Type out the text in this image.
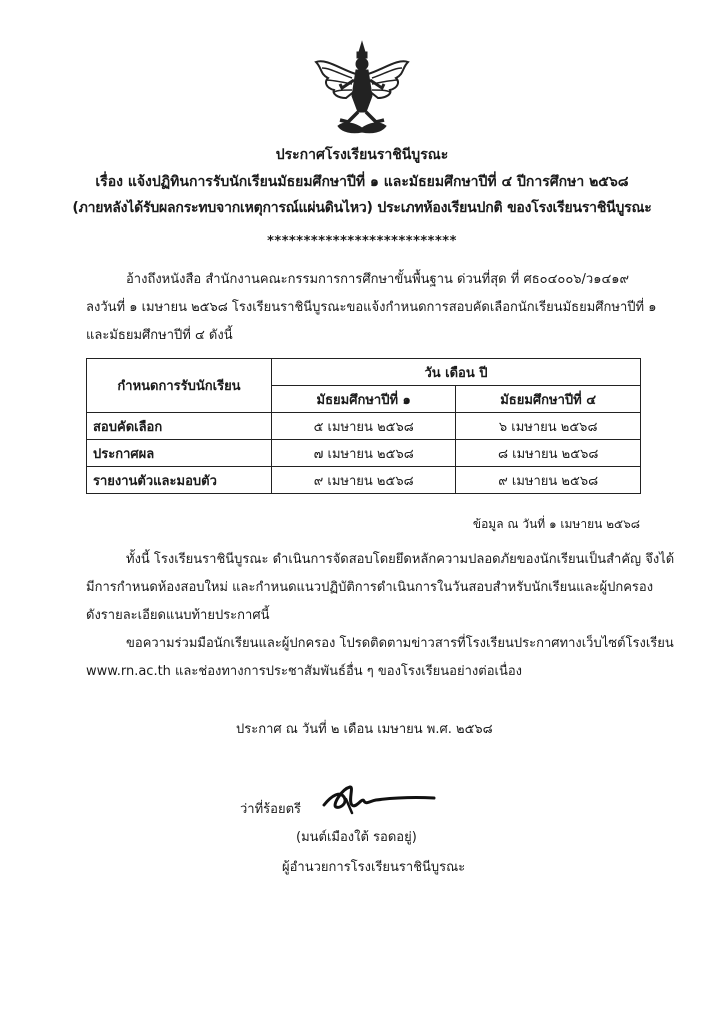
ประกาศโรงเรียนราชินีบูรณะ
เรื่อง แจ้งปฏิทินการรับนักเรียนมัธยมศึกษาปีที่ ๑ และมัธยมศึกษาปีที่ ๔ ปีการศึกษา ๒๕๖๘
(ภายหลังได้รับผลกระทบจากเหตุการณ์แผ่นดินไหว) ประเภทห้องเรียนปกติ ของโรงเรียนราชินีบูรณะ
**************************
อ้างถึงหนังสือ สำนักงานคณะกรรมการการศึกษาขั้นพื้นฐาน ด่วนที่สุด ที่ ศธ๐๔๐๐๖/ว๑๔๑๙
ลงวันที่ ๑ เมษายน ๒๕๖๘ โรงเรียนราชินีบูรณะขอแจ้งกำหนดการสอบคัดเลือกนักเรียนมัธยมศึกษาปีที่ ๑
และมัธยมศึกษาปีที่ ๔ ดังนี้
กำหนดการรับนักเรียน	วัน เดือน ปี	
	มัธยมศึกษาปีที่ ๑	มัธยมศึกษาปีที่ ๔
สอบคัดเลือก	๕ เมษายน ๒๕๖๘	๖ เมษายน ๒๕๖๘
ประกาศผล	๗ เมษายน ๒๕๖๘	๘ เมษายน ๒๕๖๘
รายงานตัวและมอบตัว	๙ เมษายน ๒๕๖๘	๙ เมษายน ๒๕๖๘
ข้อมูล ณ วันที่ ๑ เมษายน ๒๕๖๘
ทั้งนี้ โรงเรียนราชินีบูรณะ ดำเนินการจัดสอบโดยยึดหลักความปลอดภัยของนักเรียนเป็นสำคัญ จึงได้
มีการกำหนดห้องสอบใหม่ และกำหนดแนวปฏิบัติการดำเนินการในวันสอบสำหรับนักเรียนและผู้ปกครอง
ดังรายละเอียดแนบท้ายประกาศนี้
ขอความร่วมมือนักเรียนและผู้ปกครอง โปรดติดตามข่าวสารที่โรงเรียนประกาศทางเว็บไซต์โรงเรียน
www.rn.ac.th และช่องทางการประชาสัมพันธ์อื่น ๆ ของโรงเรียนอย่างต่อเนื่อง
ประกาศ ณ วันที่ ๒ เดือน เมษายน พ.ศ. ๒๕๖๘
ว่าที่ร้อยตรี
(มนต์เมืองใต้ รอดอยู่)
ผู้อำนวยการโรงเรียนราชินีบูรณะ
